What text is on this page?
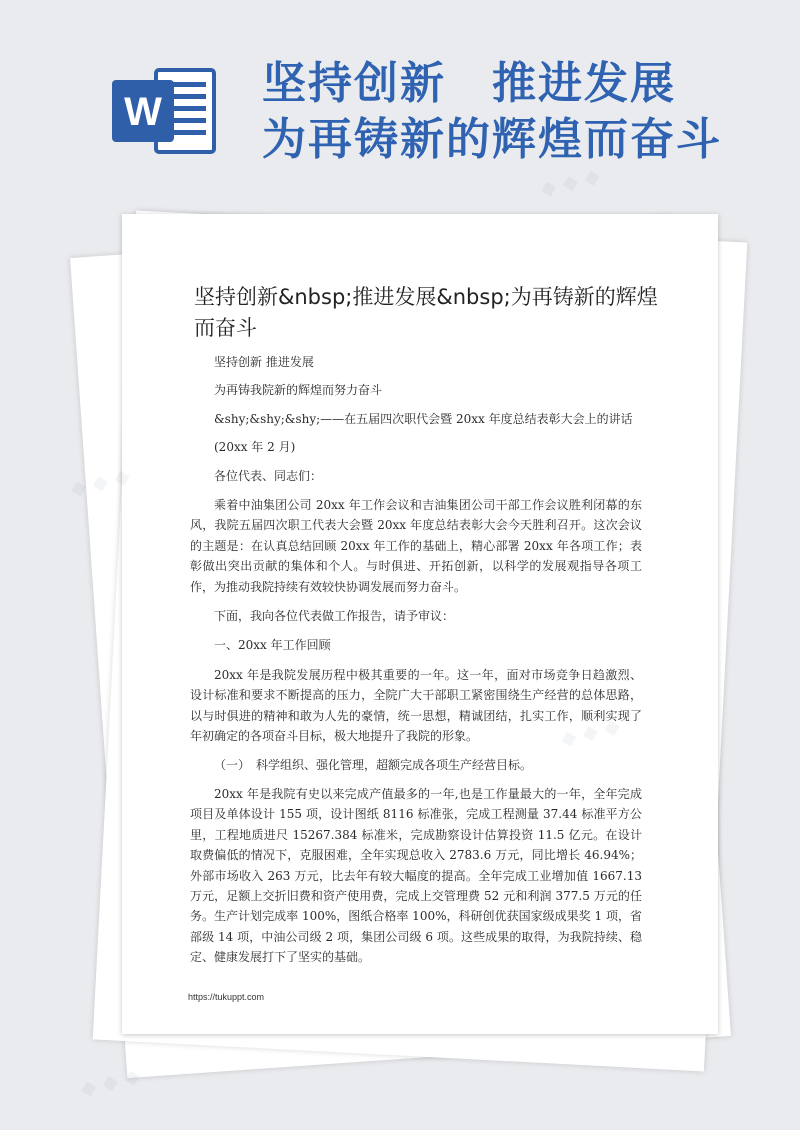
W
坚持创新　推进发展
为再铸新的辉煌而奋斗
坚持创新&nbsp;推进发展&nbsp;为再铸新的辉煌而奋斗

坚持创新 推进发展

为再铸我院新的辉煌而努力奋斗

&shy;&shy;&shy;——在五届四次职代会暨 20xx 年度总结表彰大会上的讲话

(20xx 年 2 月)

各位代表、同志们：

乘着中油集团公司 20xx 年工作会议和吉油集团公司干部工作会议胜利闭幕的东风，我院五届四次职工代表大会暨 20xx 年度总结表彰大会今天胜利召开。这次会议的主题是：在认真总结回顾 20xx 年工作的基础上，精心部署 20xx 年各项工作；表彰做出突出贡献的集体和个人。与时俱进、开拓创新，以科学的发展观指导各项工作，为推动我院持续有效较快协调发展而努力奋斗。

下面，我向各位代表做工作报告，请予审议：

一、20xx 年工作回顾

20xx 年是我院发展历程中极其重要的一年。这一年，面对市场竞争日趋激烈、设计标准和要求不断提高的压力，全院广大干部职工紧密围绕生产经营的总体思路，以与时俱进的精神和敢为人先的豪情，统一思想，精诚团结，扎实工作，顺利实现了年初确定的各项奋斗目标，极大地提升了我院的形象。

（一）　科学组织、强化管理，超额完成各项生产经营目标。

20xx 年是我院有史以来完成产值最多的一年,也是工作量最大的一年，全年完成项目及单体设计 155 项，设计图纸 8116 标准张，完成工程测量 37.44 标准平方公里，工程地质进尺 15267.384 标准米，完成勘察设计估算投资 11.5 亿元。在设计取费偏低的情况下，克服困难，全年实现总收入 2783.6 万元，同比增长 46.94%；外部市场收入 263 万元，比去年有较大幅度的提高。全年完成工业增加值 1667.13 万元，足额上交折旧费和资产使用费，完成上交管理费 52 元和利润 377.5 万元的任务。生产计划完成率 100%，图纸合格率 100%，科研创优获国家级成果奖 1 项，省部级 14 项，中油公司级 2 项，集团公司级 6 项。这些成果的取得，为我院持续、稳定、健康发展打下了坚实的基础。

https://tukuppt.com
◆ ◆ ◆
◆
◆ ◆ ◆
